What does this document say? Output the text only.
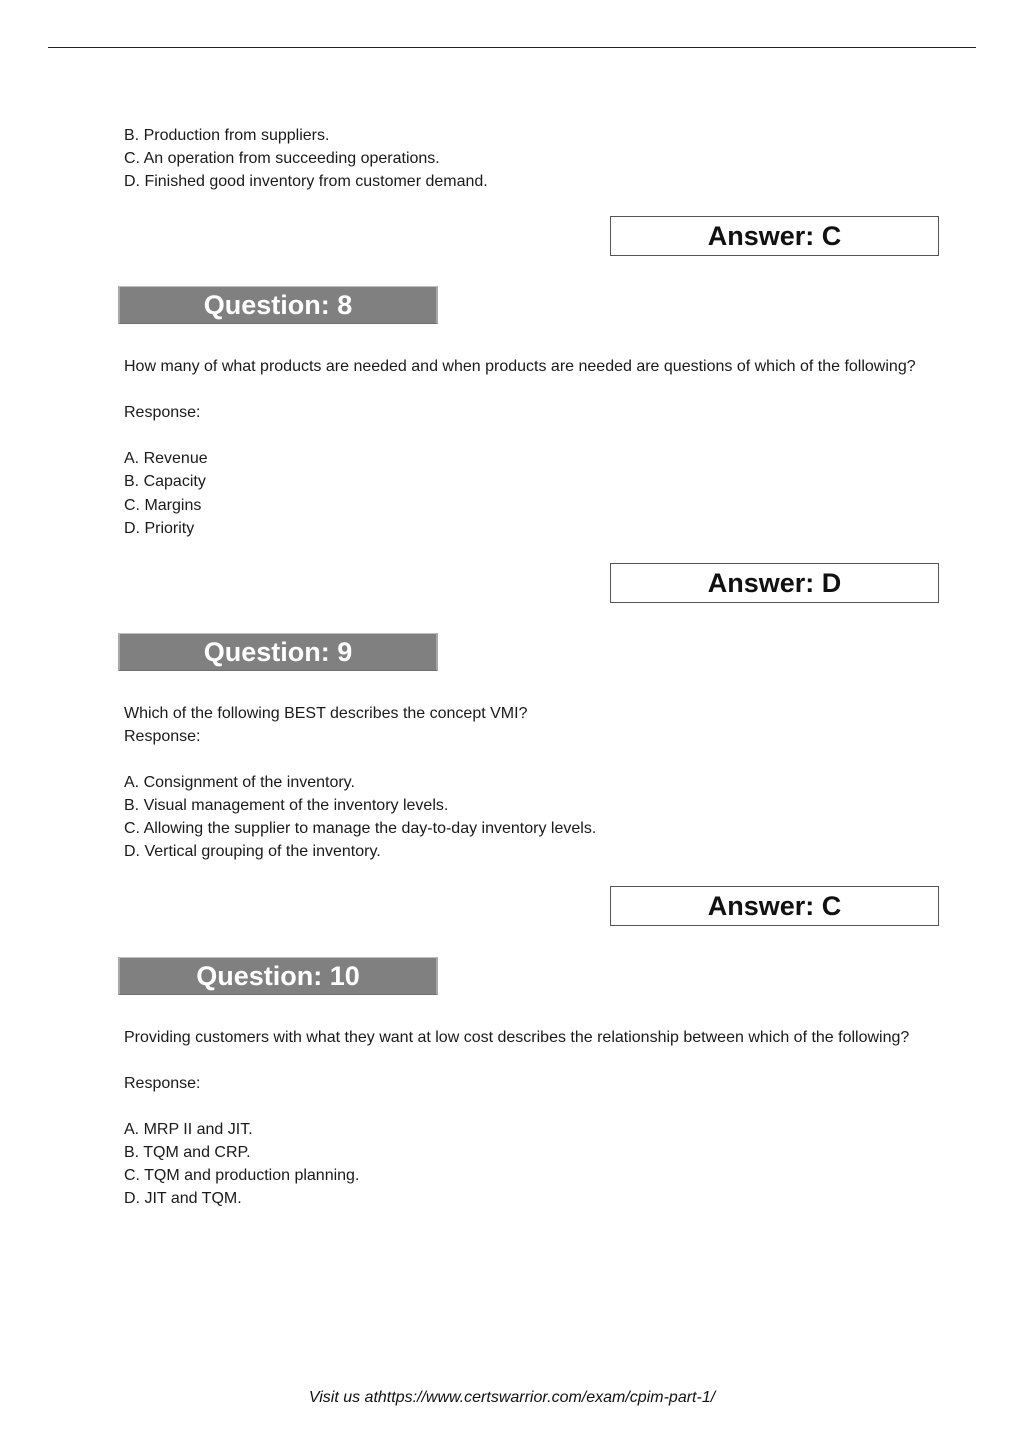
B. Production from suppliers.
C. An operation from succeeding operations.
D. Finished good inventory from customer demand.
Answer: C
Question: 8
How many of what products are needed and when products are needed are questions of which of the following?
Response:
A. Revenue
B. Capacity
C. Margins
D. Priority
Answer: D
Question: 9
Which of the following BEST describes the concept VMI?
Response:
A. Consignment of the inventory.
B. Visual management of the inventory levels.
C. Allowing the supplier to manage the day-to-day inventory levels.
D. Vertical grouping of the inventory.
Answer: C
Question: 10
Providing customers with what they want at low cost describes the relationship between which of the following?
Response:
A. MRP II and JIT.
B. TQM and CRP.
C. TQM and production planning.
D. JIT and TQM.
Visit us athttps://www.certswarrior.com/exam/cpim-part-1/
